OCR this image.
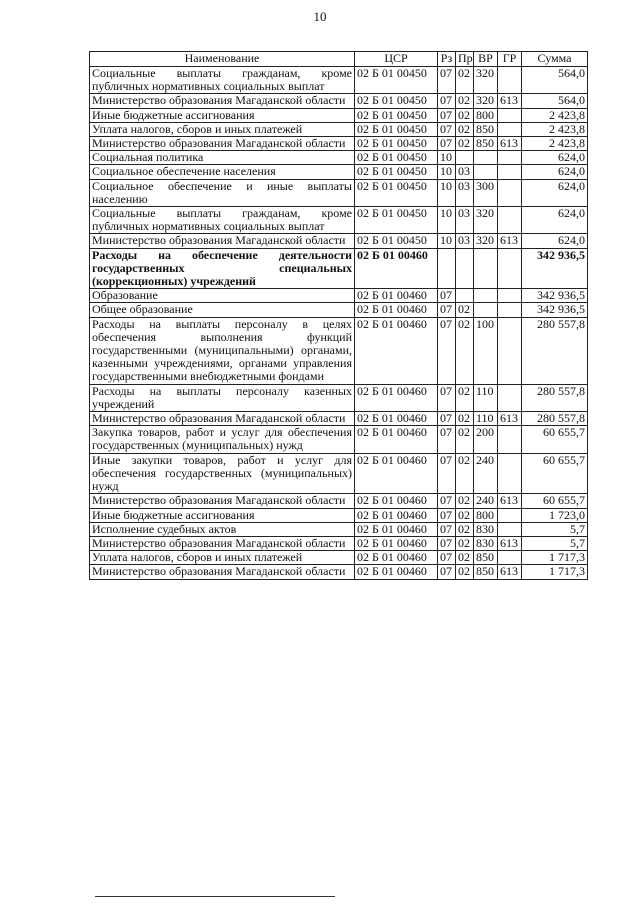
10
Наименование	ЦСР	Рз	Пр	ВР	ГР	Сумма
Социальные выплаты гражданам, кроме публичных нормативных социальных выплат	02 Б 01 00450	07	02	320		564,0
Министерство образования Магаданской области	02 Б 01 00450	07	02	320	613	564,0
Иные бюджетные ассигнования	02 Б 01 00450	07	02	800		2 423,8
Уплата налогов, сборов и иных платежей	02 Б 01 00450	07	02	850		2 423,8
Министерство образования Магаданской области	02 Б 01 00450	07	02	850	613	2 423,8
Социальная политика	02 Б 01 00450	10				624,0
Социальное обеспечение населения	02 Б 01 00450	10	03			624,0
Социальное обеспечение и иные выплаты населению	02 Б 01 00450	10	03	300		624,0
Социальные выплаты гражданам, кроме публичных нормативных социальных выплат	02 Б 01 00450	10	03	320		624,0
Министерство образования Магаданской области	02 Б 01 00450	10	03	320	613	624,0
Расходы на обеспечение деятельности государственных специальных (коррекционных) учреждений	02 Б 01 00460					342 936,5
Образование	02 Б 01 00460	07				342 936,5
Общее образование	02 Б 01 00460	07	02			342 936,5
Расходы на выплаты персоналу в целях обеспечения выполнения функций государственными (муниципальными) органами, казенными учреждениями, органами управления государственными внебюджетными фондами	02 Б 01 00460	07	02	100		280 557,8
Расходы на выплаты персоналу казенных учреждений	02 Б 01 00460	07	02	110		280 557,8
Министерство образования Магаданской области	02 Б 01 00460	07	02	110	613	280 557,8
Закупка товаров, работ и услуг для обеспечения государственных (муниципальных) нужд	02 Б 01 00460	07	02	200		60 655,7
Иные закупки товаров, работ и услуг для обеспечения государственных (муниципальных) нужд	02 Б 01 00460	07	02	240		60 655,7
Министерство образования Магаданской области	02 Б 01 00460	07	02	240	613	60 655,7
Иные бюджетные ассигнования	02 Б 01 00460	07	02	800		1 723,0
Исполнение судебных актов	02 Б 01 00460	07	02	830		5,7
Министерство образования Магаданской области	02 Б 01 00460	07	02	830	613	5,7
Уплата налогов, сборов и иных платежей	02 Б 01 00460	07	02	850		1 717,3
Министерство образования Магаданской области	02 Б 01 00460	07	02	850	613	1 717,3
